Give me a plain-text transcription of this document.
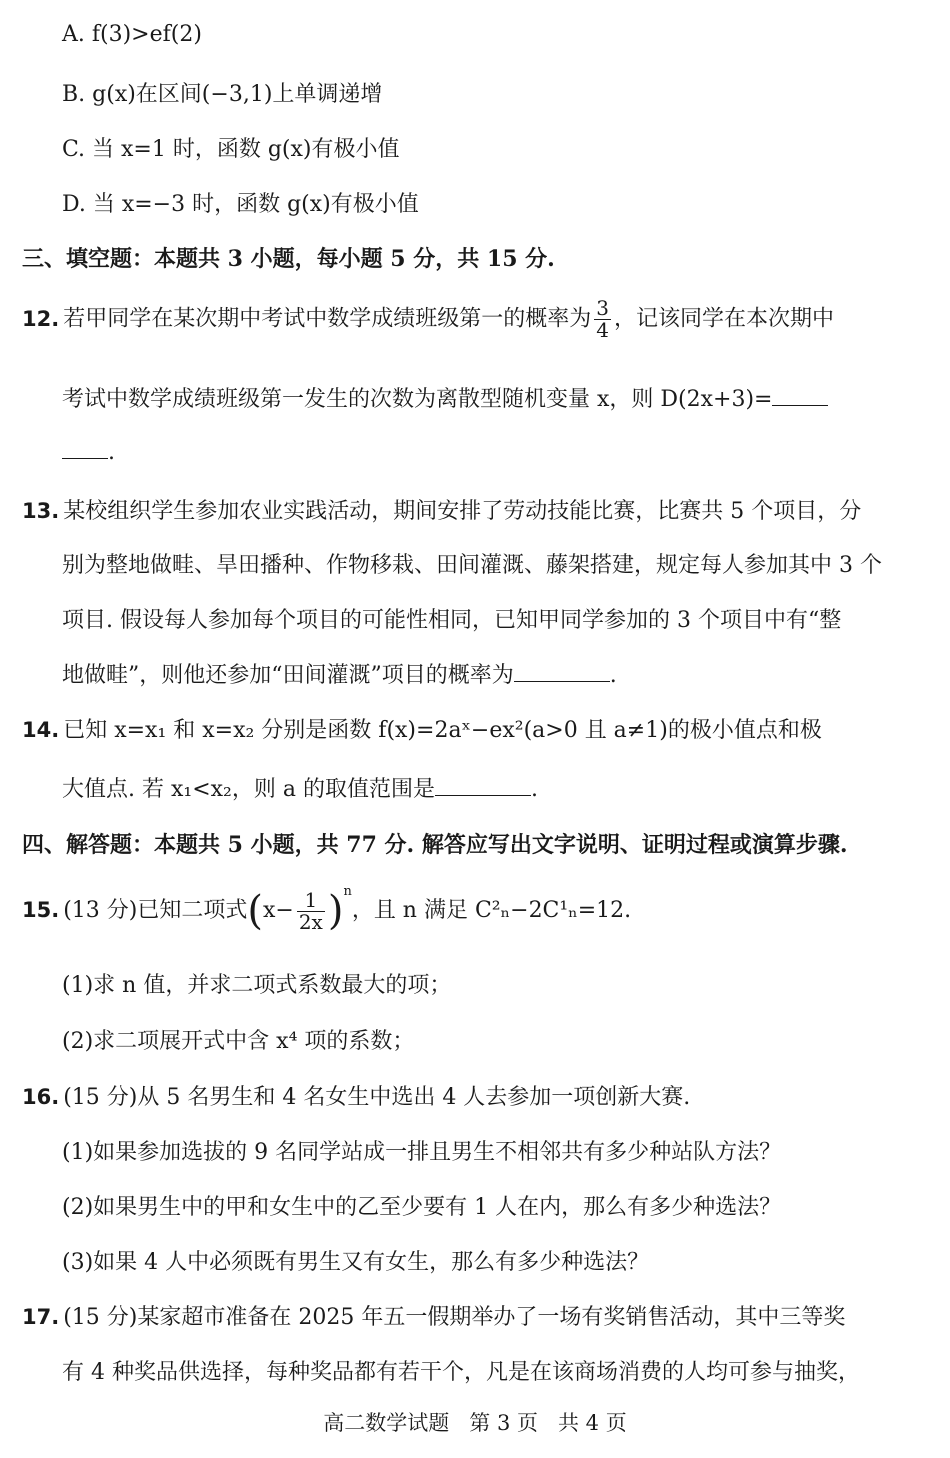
A. f(3)>ef(2)
B. g(x)在区间(−3,1)上单调递增
C. 当 x=1 时，函数 g(x)有极小值
D. 当 x=−3 时，函数 g(x)有极小值
三、填空题：本题共 3 小题，每小题 5 分，共 15 分.
12. 若甲同学在某次期中考试中数学成绩班级第一的概率为 $\frac{3}{4}$ ，记该同学在本次期中
考试中数学成绩班级第一发生的次数为离散型随机变量 x，则 D(2x+3)=
.
13. 某校组织学生参加农业实践活动，期间安排了劳动技能比赛，比赛共 5 个项目，分
别为整地做畦、旱田播种、作物移栽、田间灌溉、藤架搭建，规定每人参加其中 3 个
项目. 假设每人参加每个项目的可能性相同，已知甲同学参加的 3 个项目中有“整
地做畦”，则他还参加“田间灌溉”项目的概率为	.
14. 已知 x=x₁ 和 x=x₂ 分别是函数 f(x)=2aˣ−ex²(a>0 且 a≠1)的极小值点和极
大值点. 若 x₁<x₂，则 a 的取值范围是	.
四、解答题：本题共 5 小题，共 77 分. 解答应写出文字说明、证明过程或演算步骤.
15. (13 分)已知二项式$(x- \frac{1}{2x} )^n$，且 n 满足 C²ₙ−2C¹ₙ=12.
(1)求 n 值，并求二项式系数最大的项；
(2)求二项展开式中含 x⁴ 项的系数；
16. (15 分)从 5 名男生和 4 名女生中选出 4 人去参加一项创新大赛.
(1)如果参加选拔的 9 名同学站成一排且男生不相邻共有多少种站队方法？
(2)如果男生中的甲和女生中的乙至少要有 1 人在内，那么有多少种选法？
(3)如果 4 人中必须既有男生又有女生，那么有多少种选法？
17. (15 分)某家超市准备在 2025 年五一假期举办了一场有奖销售活动，其中三等奖
有 4 种奖品供选择，每种奖品都有若干个，凡是在该商场消费的人均可参与抽奖，
高二数学试题 第 3 页 共 4 页
